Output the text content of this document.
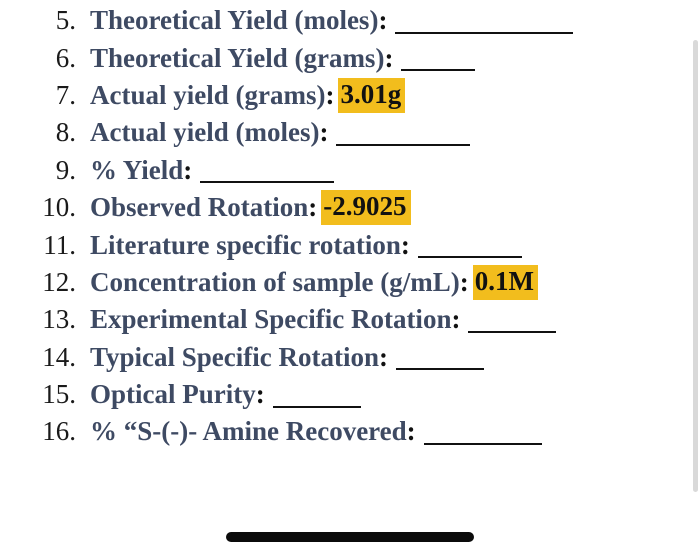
5. Theoretical Yield (moles) :
6. Theoretical Yield (grams) :
7. Actual yield (grams) : 3.01g
8. Actual yield (moles) :
9. % Yield :
10. Observed Rotation : -2.9025
11. Literature specific rotation :
12. Concentration of sample (g/mL) : 0.1M
13. Experimental Specific Rotation :
14. Typical Specific Rotation :
15. Optical Purity :
16. % “S-(-)- Amine Recovered :
